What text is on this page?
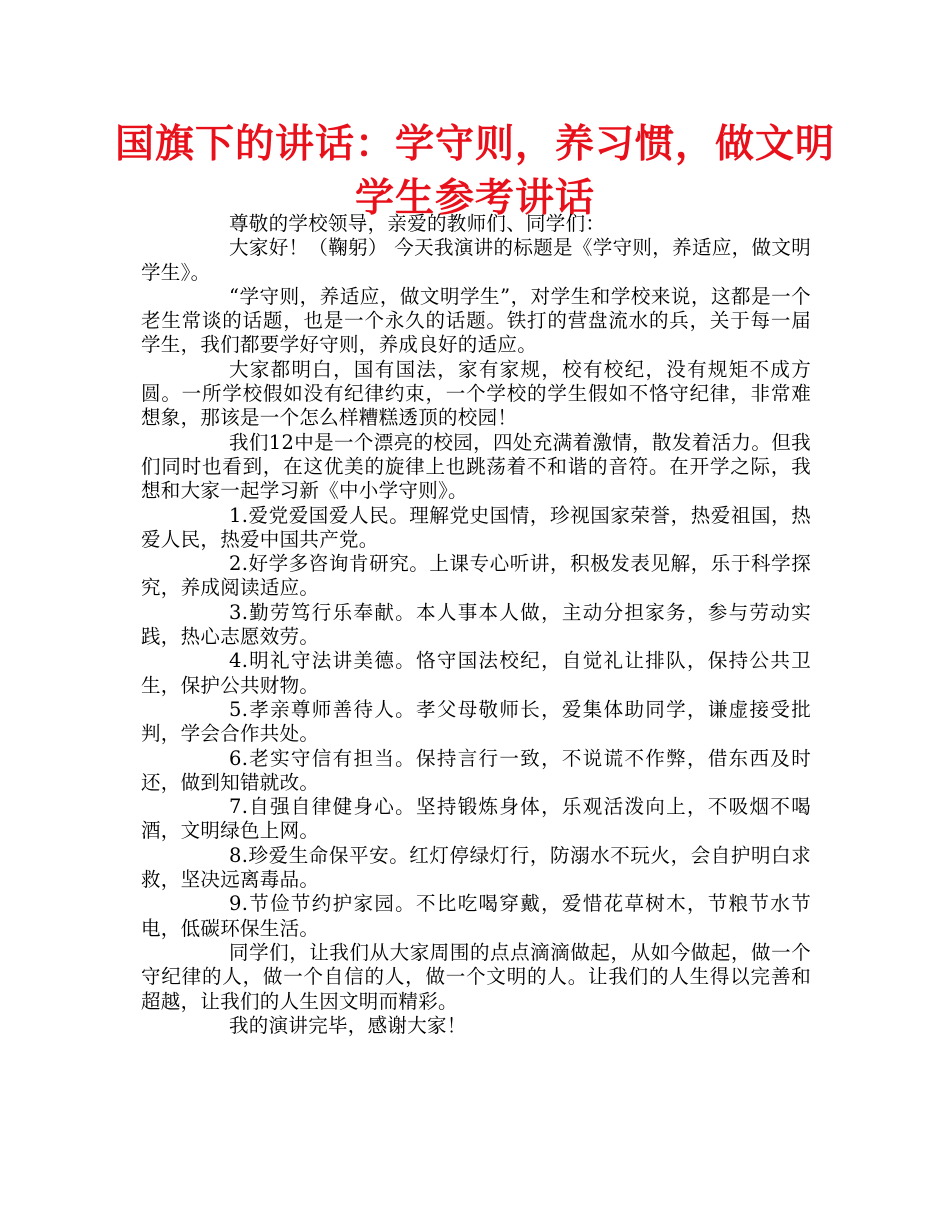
国旗下的讲话：学守则，养习惯，做文明学生参考讲话

尊敬的学校领导，亲爱的教师们、同学们：

大家好！（鞠躬） 今天我演讲的标题是《学守则，养适应，做文明学生》。

“学守则，养适应，做文明学生”，对学生和学校来说，这都是一个老生常谈的话题，也是一个永久的话题。铁打的营盘流水的兵，关于每一届学生，我们都要学好守则，养成良好的适应。

大家都明白，国有国法，家有家规，校有校纪，没有规矩不成方圆。一所学校假如没有纪律约束，一个学校的学生假如不恪守纪律，非常难想象，那该是一个怎么样糟糕透顶的校园！

我们12中是一个漂亮的校园，四处充满着激情，散发着活力。但我们同时也看到，在这优美的旋律上也跳荡着不和谐的音符。在开学之际，我想和大家一起学习新《中小学守则》。

1.爱党爱国爱人民。理解党史国情，珍视国家荣誉，热爱祖国，热爱人民，热爱中国共产党。

2.好学多咨询肯研究。上课专心听讲，积极发表见解，乐于科学探究，养成阅读适应。

3.勤劳笃行乐奉献。本人事本人做，主动分担家务，参与劳动实践，热心志愿效劳。

4.明礼守法讲美德。恪守国法校纪，自觉礼让排队，保持公共卫生，保护公共财物。

5.孝亲尊师善待人。孝父母敬师长，爱集体助同学，谦虚接受批判，学会合作共处。

6.老实守信有担当。保持言行一致，不说谎不作弊，借东西及时还，做到知错就改。

7.自强自律健身心。坚持锻炼身体，乐观活泼向上，不吸烟不喝酒，文明绿色上网。

8.珍爱生命保平安。红灯停绿灯行，防溺水不玩火，会自护明白求救，坚决远离毒品。

9.节俭节约护家园。不比吃喝穿戴，爱惜花草树木，节粮节水节电，低碳环保生活。

同学们，让我们从大家周围的点点滴滴做起，从如今做起，做一个守纪律的人，做一个自信的人，做一个文明的人。让我们的人生得以完善和超越，让我们的人生因文明而精彩。

我的演讲完毕，感谢大家！
